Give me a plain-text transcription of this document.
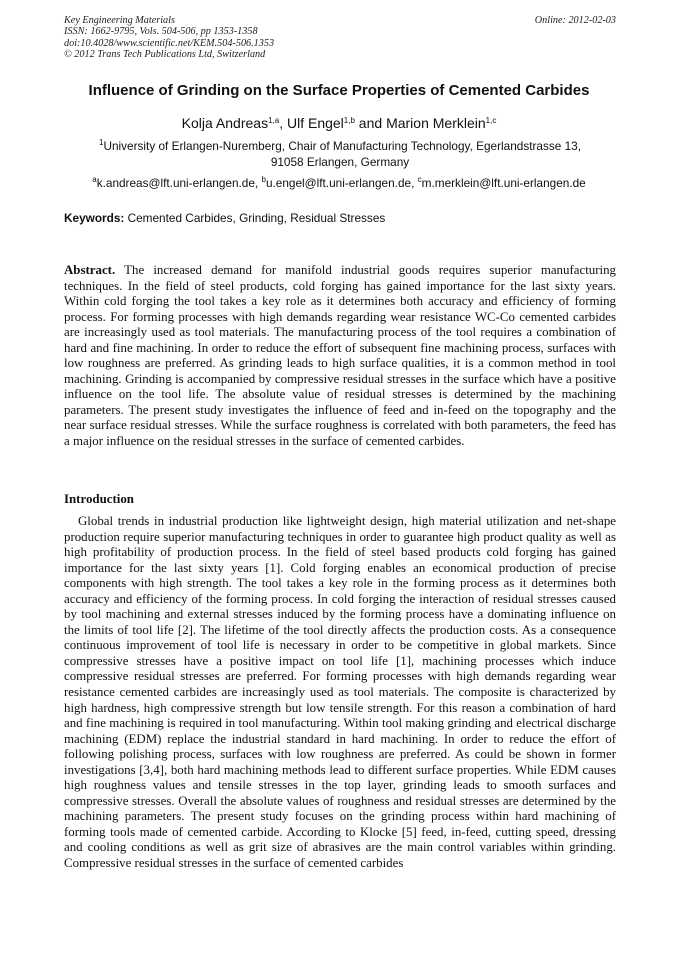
Key Engineering Materials
ISSN: 1662-9795, Vols. 504-506, pp 1353-1358
doi:10.4028/www.scientific.net/KEM.504-506.1353
© 2012 Trans Tech Publications Ltd, Switzerland
Online: 2012-02-03
Influence of Grinding on the Surface Properties of Cemented Carbides
Kolja Andreas$^{1,a}$, Ulf Engel$^{1,b}$ and Marion Merklein$^{1,c}$
$^1$University of Erlangen-Nuremberg, Chair of Manufacturing Technology, Egerlandstrasse 13,
91058 Erlangen, Germany
$^a$k.andreas@lft.uni-erlangen.de, $^b$u.engel@lft.uni-erlangen.de, $^c$m.merklein@lft.uni-erlangen.de
Keywords: Cemented Carbides, Grinding, Residual Stresses
Abstract. The increased demand for manifold industrial goods requires superior manufacturing techniques. In the field of steel products, cold forging has gained importance for the last sixty years. Within cold forging the tool takes a key role as it determines both accuracy and efficiency of forming process. For forming processes with high demands regarding wear resistance WC-Co cemented carbides are increasingly used as tool materials. The manufacturing process of the tool requires a combination of hard and fine machining. In order to reduce the effort of subsequent fine machining process, surfaces with low roughness are preferred. As grinding leads to high surface qualities, it is a common method in tool machining. Grinding is accompanied by compressive residual stresses in the surface which have a positive influence on the tool life. The absolute value of residual stresses is determined by the machining parameters. The present study investigates the influence of feed and in-feed on the topography and the near surface residual stresses. While the surface roughness is correlated with both parameters, the feed has a major influence on the residual stresses in the surface of cemented carbides.
Introduction
Global trends in industrial production like lightweight design, high material utilization and net-shape production require superior manufacturing techniques in order to guarantee high product quality as well as high profitability of production process. In the field of steel based products cold forging has gained importance for the last sixty years [1]. Cold forging enables an economical production of precise components with high strength. The tool takes a key role in the forming process as it determines both accuracy and efficiency of the forming process. In cold forging the interaction of residual stresses caused by tool machining and external stresses induced by the forming process have a dominating influence on the limits of tool life [2]. The lifetime of the tool directly affects the production costs. As a consequence continuous improvement of tool life is necessary in order to be competitive in global markets. Since compressive stresses have a positive impact on tool life [1], machining processes which induce compressive residual stresses are preferred. For forming processes with high demands regarding wear resistance cemented carbides are increasingly used as tool materials. The composite is characterized by high hardness, high compressive strength but low tensile strength. For this reason a combination of hard and fine machining is required in tool manufacturing. Within tool making grinding and electrical discharge machining (EDM) replace the industrial standard in hard machining. In order to reduce the effort of following polishing process, surfaces with low roughness are preferred. As could be shown in former investigations [3,4], both hard machining methods lead to different surface properties. While EDM causes high roughness values and tensile stresses in the top layer, grinding leads to smooth surfaces and compressive stresses. Overall the absolute values of roughness and residual stresses are determined by the machining parameters. The present study focuses on the grinding process within hard machining of forming tools made of cemented carbide. According to Klocke [5] feed, in-feed, cutting speed, dressing and cooling conditions as well as grit size of abrasives are the main control variables within grinding. Compressive residual stresses in the surface of cemented carbides
